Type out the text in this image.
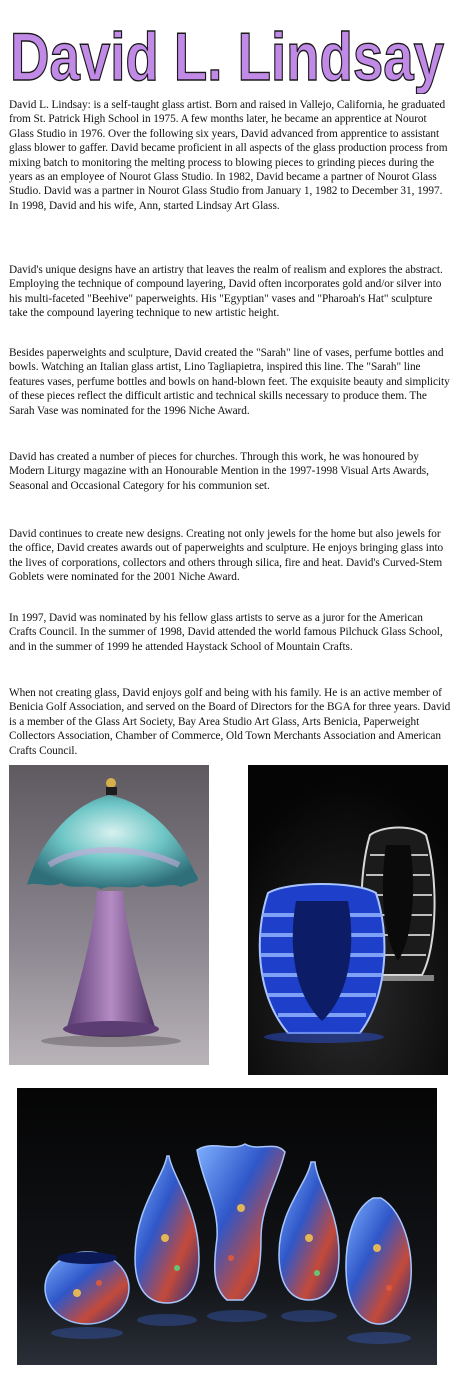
David L. Lindsay

David L. Lindsay: is a self-taught glass artist. Born and raised in Vallejo, California, he graduated from St. Patrick High School in 1975. A few months later, he became an apprentice at Nourot Glass Studio in 1976. Over the following six years, David advanced from apprentice to assistant glass blower to gaffer. David became proficient in all aspects of the glass production process from mixing batch to monitoring the melting process to blowing pieces to grinding pieces during the years as an employee of Nourot Glass Studio. In 1982, David became a partner of Nourot Glass Studio. David was a partner in Nourot Glass Studio from January 1, 1982 to December 31, 1997. In 1998, David and his wife, Ann, started Lindsay Art Glass.

David's unique designs have an artistry that leaves the realm of realism and explores the abstract. Employing the technique of compound layering, David often incorporates gold and/or silver into his multi-faceted "Beehive" paperweights. His "Egyptian" vases and "Pharoah's Hat" sculpture take the compound layering technique to new artistic height.

Besides paperweights and sculpture, David created the "Sarah" line of vases, perfume bottles and bowls. Watching an Italian glass artist, Lino Tagliapietra, inspired this line. The "Sarah" line features vases, perfume bottles and bowls on hand-blown feet. The exquisite beauty and simplicity of these pieces reflect the difficult artistic and technical skills necessary to produce them. The Sarah Vase was nominated for the 1996 Niche Award.

David has created a number of pieces for churches. Through this work, he was honoured by Modern Liturgy magazine with an Honourable Mention in the 1997-1998 Visual Arts Awards, Seasonal and Occasional Category for his communion set.

David continues to create new designs. Creating not only jewels for the home but also jewels for the office, David creates awards out of paperweights and sculpture. He enjoys bringing glass into the lives of corporations, collectors and others through silica, fire and heat. David's Curved-Stem Goblets were nominated for the 2001 Niche Award.

In 1997, David was nominated by his fellow glass artists to serve as a juror for the American Crafts Council. In the summer of 1998, David attended the world famous Pilchuck Glass School, and in the summer of 1999 he attended Haystack School of Mountain Crafts.

When not creating glass, David enjoys golf and being with his family. He is an active member of Benicia Golf Association, and served on the Board of Directors for the BGA for three years. David is a member of the Glass Art Society, Bay Area Studio Art Glass, Arts Benicia, Paperweight Collectors Association, Chamber of Commerce, Old Town Merchants Association and American Crafts Council.
